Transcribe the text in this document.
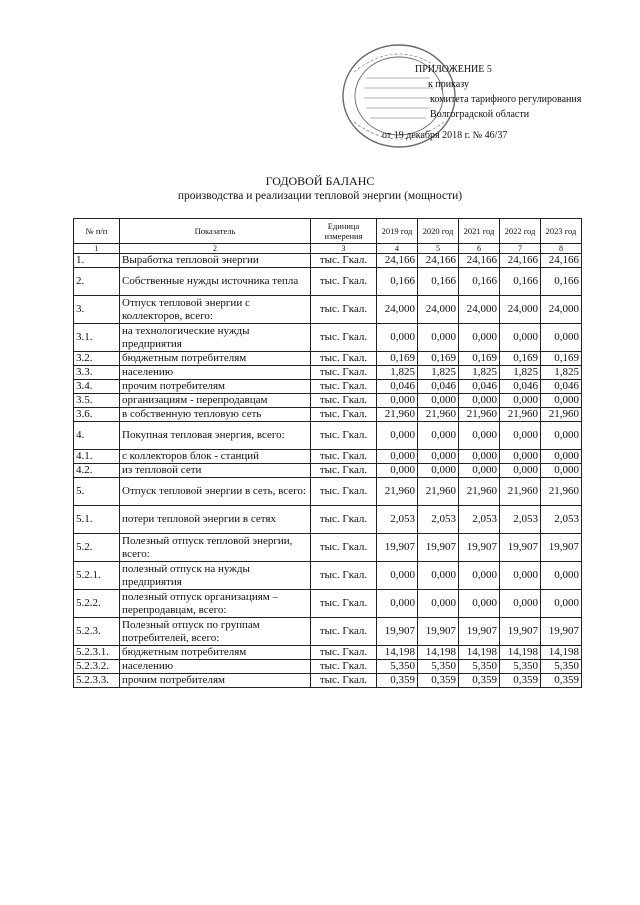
ПРИЛОЖЕНИЕ 5
к приказу
комитета тарифного регулирования
Волгоградской области
от 19 декабря 2018 г. № 46/37
ГОДОВОЙ БАЛАНС
производства и реализации тепловой энергии (мощности)
№ п/п	Показатель	Единица измерения	2019 год	2020 год	2021 год	2022 год	2023 год
1	2	3	4	5	6	7	8
1.	Выработка тепловой энергии	тыс. Гкал.	24,166	24,166	24,166	24,166	24,166
2.	Собственные нужды источника тепла	тыс. Гкал.	0,166	0,166	0,166	0,166	0,166
3.	Отпуск тепловой энергии с коллекторов, всего:	тыс. Гкал.	24,000	24,000	24,000	24,000	24,000
3.1.	на технологические нужды предприятия	тыс. Гкал.	0,000	0,000	0,000	0,000	0,000
3.2.	бюджетным потребителям	тыс. Гкал.	0,169	0,169	0,169	0,169	0,169
3.3.	населению	тыс. Гкал.	1,825	1,825	1,825	1,825	1,825
3.4.	прочим потребителям	тыс. Гкал.	0,046	0,046	0,046	0,046	0,046
3.5.	организациям - перепродавцам	тыс. Гкал.	0,000	0,000	0,000	0,000	0,000
3.6.	в собственную тепловую сеть	тыс. Гкал.	21,960	21,960	21,960	21,960	21,960
4.	Покупная тепловая энергия, всего:	тыс. Гкал.	0,000	0,000	0,000	0,000	0,000
4.1.	с коллекторов блок - станций	тыс. Гкал.	0,000	0,000	0,000	0,000	0,000
4.2.	из тепловой сети	тыс. Гкал.	0,000	0,000	0,000	0,000	0,000
5.	Отпуск тепловой энергии в сеть, всего:	тыс. Гкал.	21,960	21,960	21,960	21,960	21,960
5.1.	потери тепловой энергии в сетях	тыс. Гкал.	2,053	2,053	2,053	2,053	2,053
5.2.	Полезный отпуск тепловой энергии, всего:	тыс. Гкал.	19,907	19,907	19,907	19,907	19,907
5.2.1.	полезный отпуск на нужды предприятия	тыс. Гкал.	0,000	0,000	0,000	0,000	0,000
5.2.2.	полезный отпуск организациям – перепродавцам, всего:	тыс. Гкал.	0,000	0,000	0,000	0,000	0,000
5.2.3.	Полезный отпуск по группам потребителей, всего:	тыс. Гкал.	19,907	19,907	19,907	19,907	19,907
5.2.3.1.	бюджетным потребителям	тыс. Гкал.	14,198	14,198	14,198	14,198	14,198
5.2.3.2.	населению	тыс. Гкал.	5,350	5,350	5,350	5,350	5,350
5.2.3.3.	прочим потребителям	тыс. Гкал.	0,359	0,359	0,359	0,359	0,359
